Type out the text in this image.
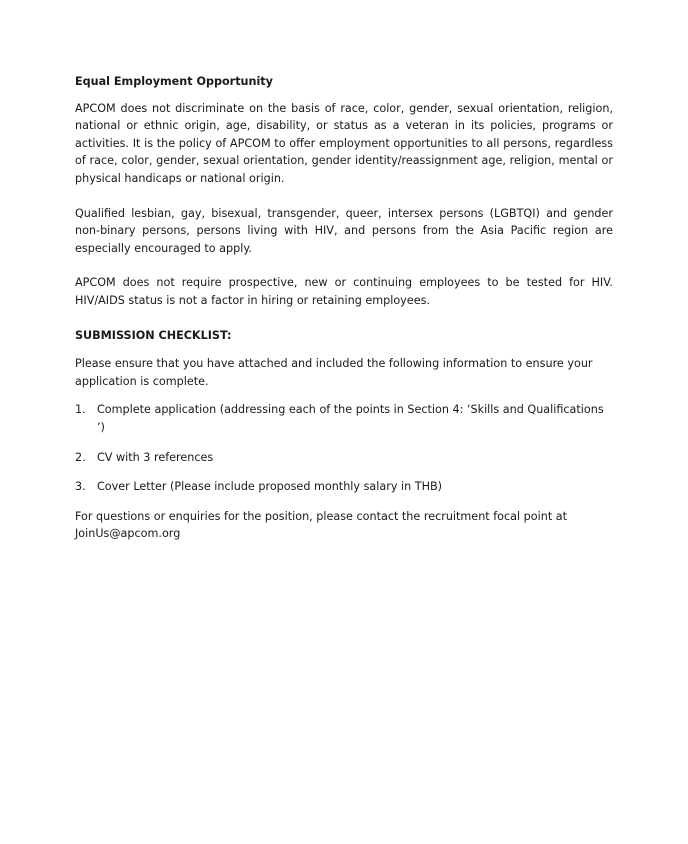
Equal Employment Opportunity

APCOM does not discriminate on the basis of race, color, gender, sexual orientation, religion, national or ethnic origin, age, disability, or status as a veteran in its policies, programs or activities. It is the policy of APCOM to offer employment opportunities to all persons, regardless of race, color, gender, sexual orientation, gender identity/reassignment age, religion, mental or physical handicaps or national origin.

Qualified lesbian, gay, bisexual, transgender, queer, intersex persons (LGBTQI) and gender non-binary persons, persons living with HIV, and persons from the Asia Pacific region are especially encouraged to apply.

APCOM does not require prospective, new or continuing employees to be tested for HIV. HIV/AIDS status is not a factor in hiring or retaining employees.

SUBMISSION CHECKLIST:

Please ensure that you have attached and included the following information to ensure your application is complete.

1.	Complete application (addressing each of the points in Section 4: ‘Skills and Qualifications ’)
2.	CV with 3 references
3.	Cover Letter (Please include proposed monthly salary in THB)

For questions or enquiries for the position, please contact the recruitment focal point at JoinUs@apcom.org
